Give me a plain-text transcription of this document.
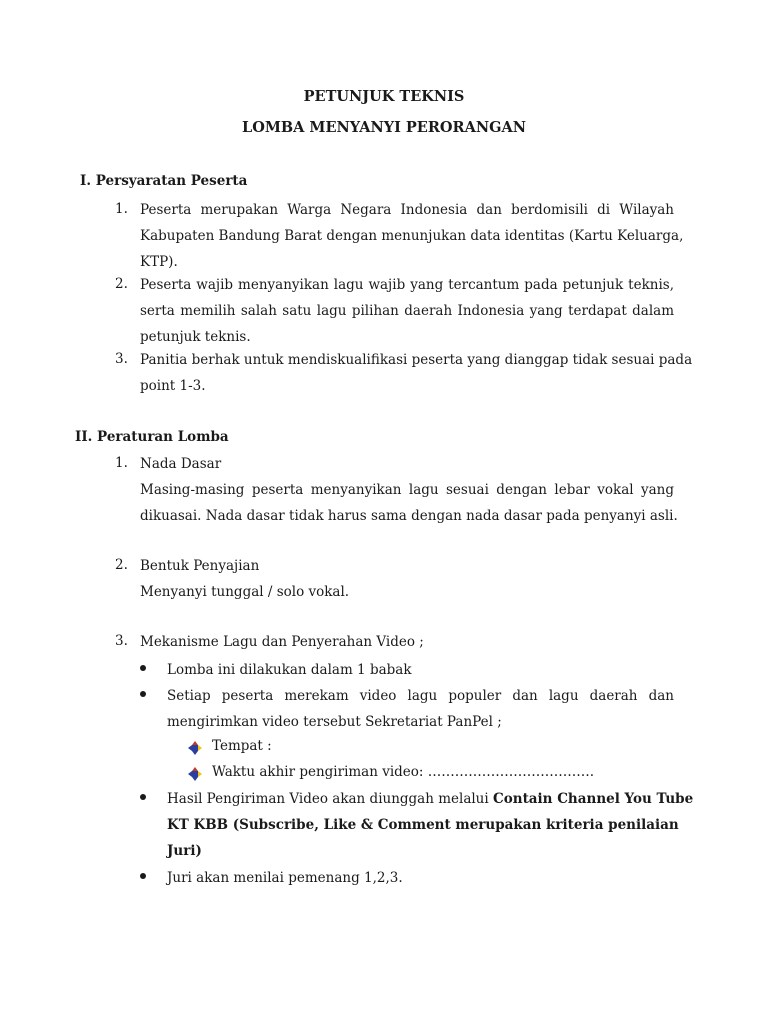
PETUNJUK TEKNIS
LOMBA MENYANYI PERORANGAN
I. Persyaratan Peserta
1. Peserta merupakan Warga Negara Indonesia dan berdomisili di Wilayah
Kabupaten Bandung Barat dengan menunjukan data identitas (Kartu Keluarga,
KTP).
2. Peserta wajib menyanyikan lagu wajib yang tercantum pada petunjuk teknis,
serta memilih salah satu lagu pilihan daerah Indonesia yang terdapat dalam
petunjuk teknis.
3. Panitia berhak untuk mendiskualifikasi peserta yang dianggap tidak sesuai pada
point 1-3.
II. Peraturan Lomba
1. Nada Dasar
Masing-masing peserta menyanyikan lagu sesuai dengan lebar vokal yang
dikuasai. Nada dasar tidak harus sama dengan nada dasar pada penyanyi asli.
2. Bentuk Penyajian
Menyanyi tunggal / solo vokal.
3. Mekanisme Lagu dan Penyerahan Video ;
Lomba ini dilakukan dalam 1 babak
Setiap peserta merekam video lagu populer dan lagu daerah dan
mengirimkan video tersebut Sekretariat PanPel ;
Tempat :
Waktu akhir pengiriman video: ……………………………….
Hasil Pengiriman Video akan diunggah melalui Contain Channel You Tube
KT KBB (Subscribe, Like & Comment merupakan kriteria penilaian
Juri)
Juri akan menilai pemenang 1,2,3.
